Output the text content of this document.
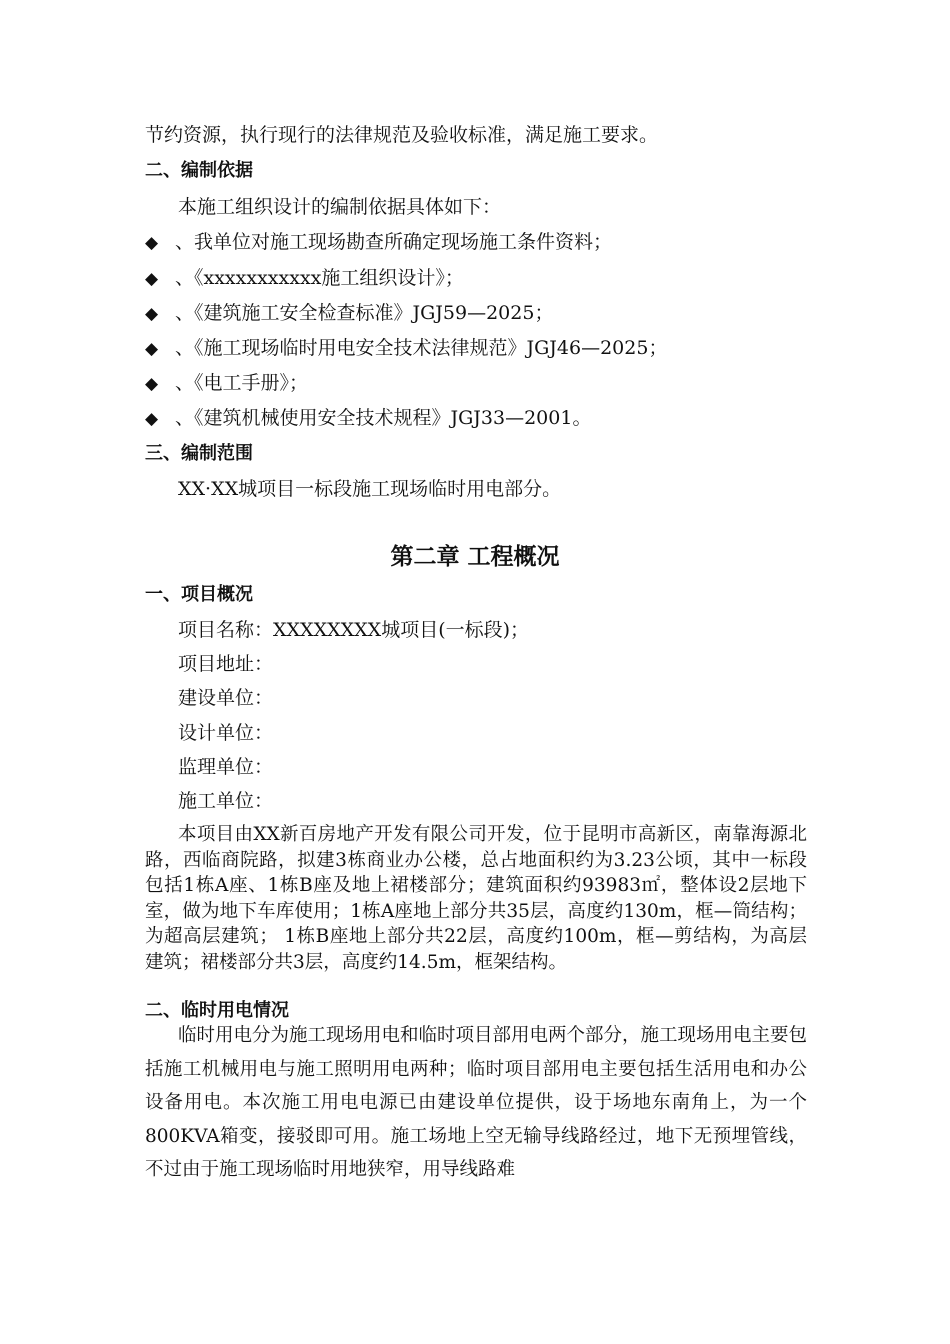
节约资源，执行现行的法律规范及验收标准，满足施工要求。
二、编制依据
本施工组织设计的编制依据具体如下：
◆ 、我单位对施工现场勘查所确定现场施工条件资料；
◆ 、《xxxxxxxxxxx施工组织设计》；
◆ 、《建筑施工安全检查标准》JGJ59—2025；
◆ 、《施工现场临时用电安全技术法律规范》JGJ46—2025；
◆ 、《电工手册》；
◆ 、《建筑机械使用安全技术规程》JGJ33—2001。
三、编制范围
XX·XX城项目一标段施工现场临时用电部分。
第二章 工程概况
一、项目概况
项目名称：XXXXXXXX城项目(一标段)；
项目地址：
建设单位：
设计单位：
监理单位：
施工单位：
本项目由XX新百房地产开发有限公司开发，位于昆明市高新区，南靠海源北路，西临商院路，拟建3栋商业办公楼，总占地面积约为3.23公顷，其中一标段包括1栋A座、1栋B座及地上裙楼部分；建筑面积约93983㎡，整体设2层地下室，做为地下车库使用；1栋A座地上部分共35层，高度约130m，框—筒结构；为超高层建筑； 1栋B座地上部分共22层，高度约100m，框—剪结构，为高层建筑；裙楼部分共3层，高度约14.5m，框架结构。
二、临时用电情况
临时用电分为施工现场用电和临时项目部用电两个部分，施工现场用电主要包括施工机械用电与施工照明用电两种；临时项目部用电主要包括生活用电和办公设备用电。本次施工用电电源已由建设单位提供，设于场地东南角上，为一个800KVA箱变，接驳即可用。施工场地上空无输导线路经过，地下无预埋管线，不过由于施工现场临时用地狭窄，用导线路难
